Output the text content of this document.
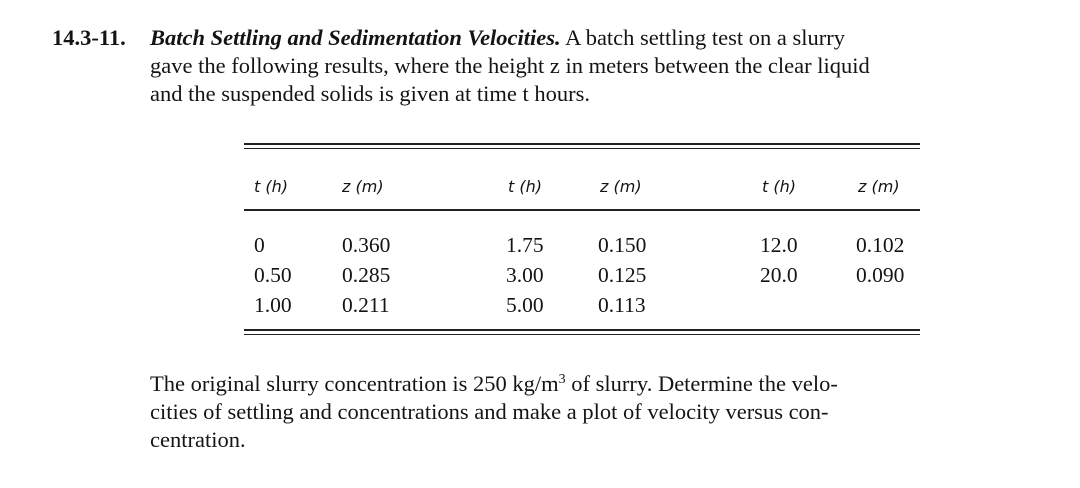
14.3-11. Batch Settling and Sedimentation Velocities. A batch settling test on a slurry
gave the following results, where the height z in meters between the clear liquid
and the suspended solids is given at time t hours.
t (h)	z (m)	t (h)	z (m)	t (h)	z (m)
0	0.360	1.75	0.150	12.0	0.102
0.50 0.285	3.00	0.125	20.0	0.090
1.00 0.211	5.00	0.113
The original slurry concentration is 250 $kg/m^3$ of slurry. Determine the velo-
cities of settling and concentrations and make a plot of velocity versus con-
centration.
